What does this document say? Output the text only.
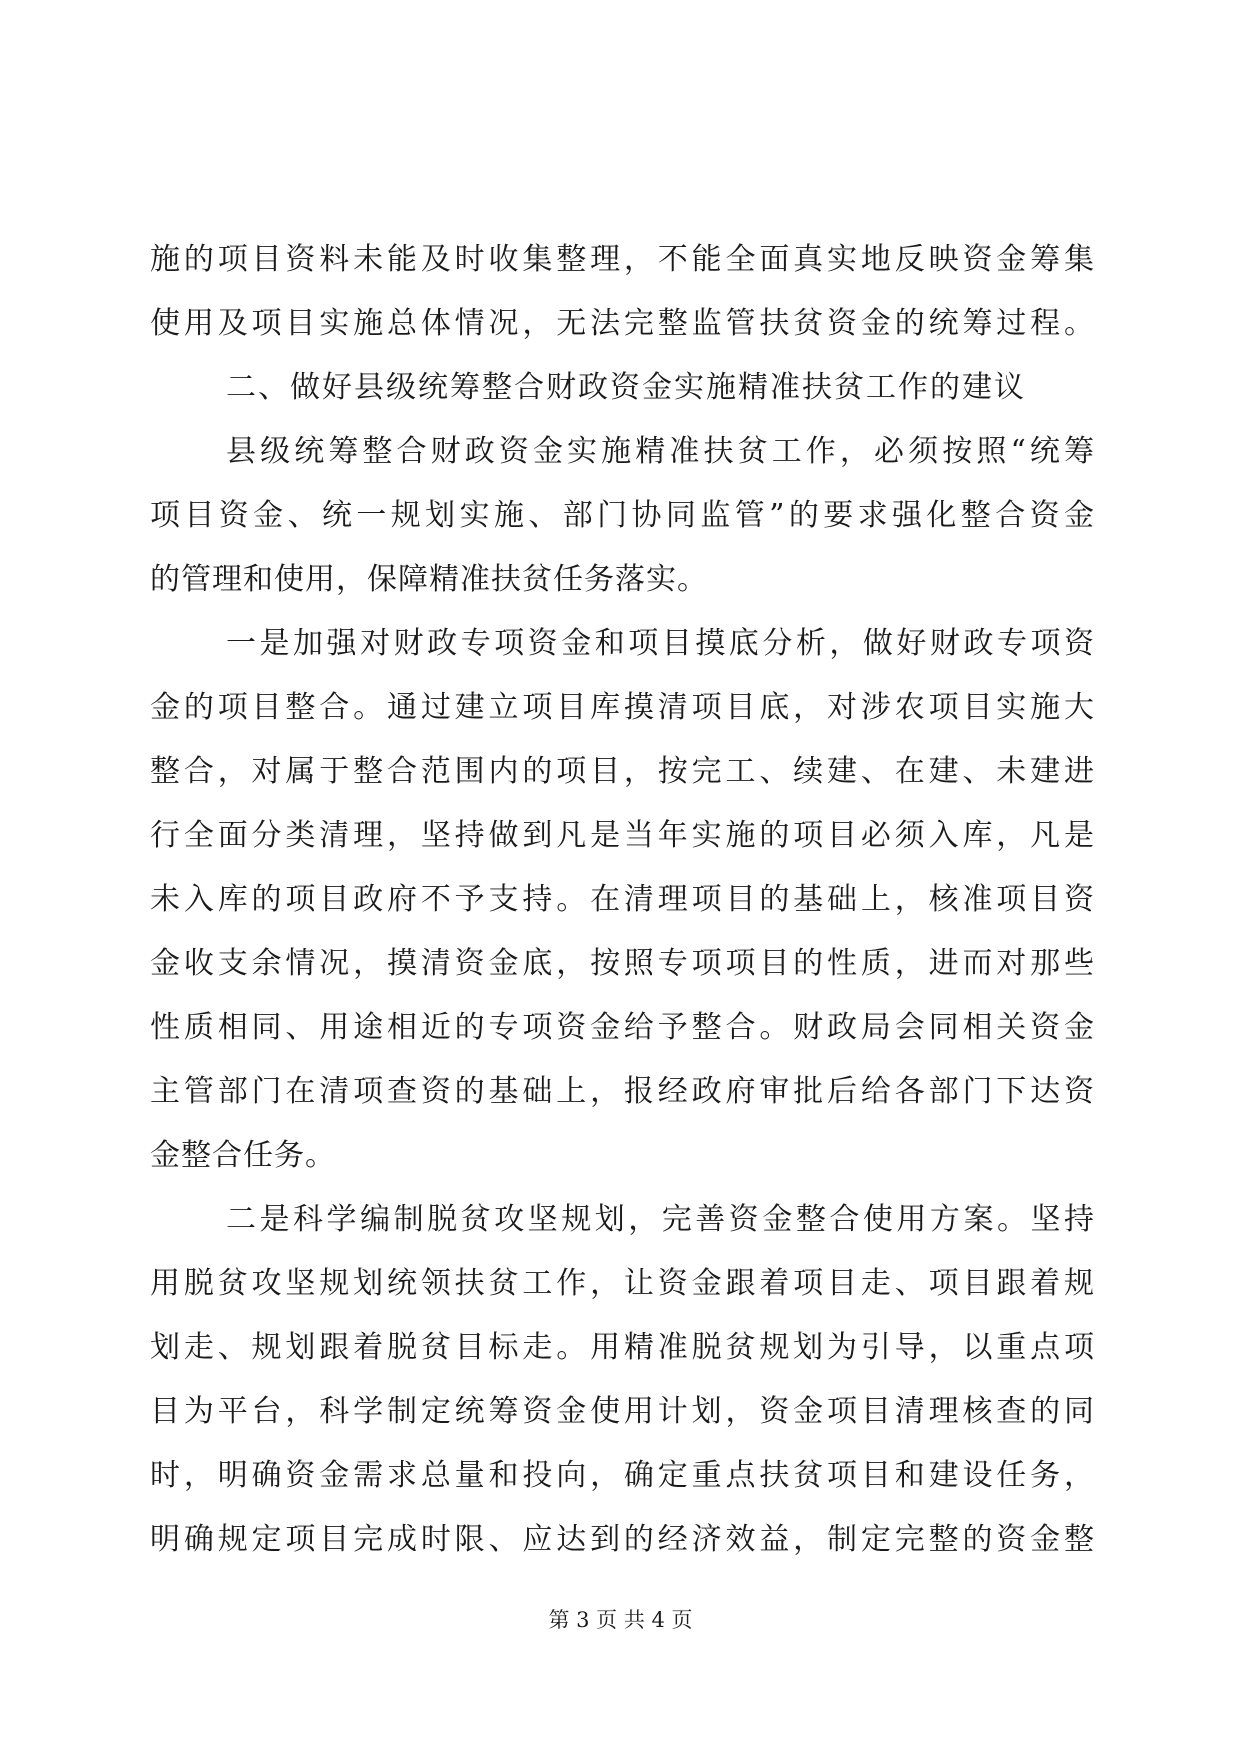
施的项目资料未能及时收集整理，不能全面真实地反映资金筹集
使用及项目实施总体情况，无法完整监管扶贫资金的统筹过程。
二、做好县级统筹整合财政资金实施精准扶贫工作的建议
县级统筹整合财政资金实施精准扶贫工作，必须按照“统筹
项目资金、统一规划实施、部门协同监管”的要求强化整合资金
的管理和使用，保障精准扶贫任务落实。
一是加强对财政专项资金和项目摸底分析，做好财政专项资
金的项目整合。通过建立项目库摸清项目底，对涉农项目实施大
整合，对属于整合范围内的项目，按完工、续建、在建、未建进
行全面分类清理，坚持做到凡是当年实施的项目必须入库，凡是
未入库的项目政府不予支持。在清理项目的基础上，核准项目资
金收支余情况，摸清资金底，按照专项项目的性质，进而对那些
性质相同、用途相近的专项资金给予整合。财政局会同相关资金
主管部门在清项查资的基础上，报经政府审批后给各部门下达资
金整合任务。
二是科学编制脱贫攻坚规划，完善资金整合使用方案。坚持
用脱贫攻坚规划统领扶贫工作，让资金跟着项目走、项目跟着规
划走、规划跟着脱贫目标走。用精准脱贫规划为引导，以重点项
目为平台，科学制定统筹资金使用计划，资金项目清理核查的同
时，明确资金需求总量和投向，确定重点扶贫项目和建设任务，
明确规定项目完成时限、应达到的经济效益，制定完整的资金整
第 3 页 共 4 页
